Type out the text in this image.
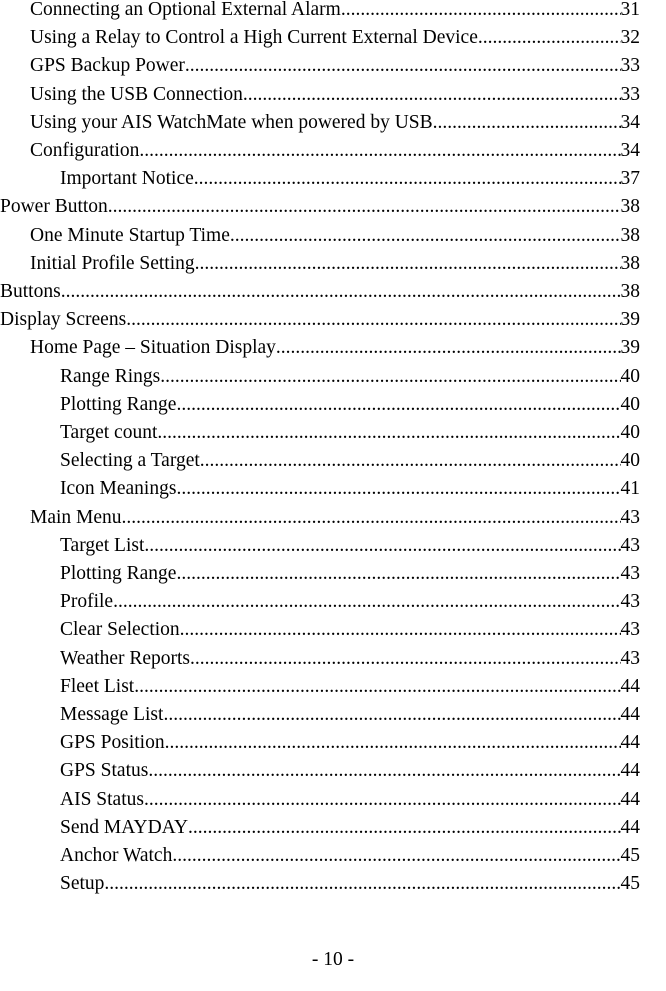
Connecting an Optional External Alarm .....	31
Using a Relay to Control a High Current External Device .....	32
GPS Backup Power .....	33
Using the USB Connection .....	33
Using your AIS WatchMate when powered by USB .....	34
Configuration .....	34
Important Notice .....	37
Power Button .....	38
One Minute Startup Time .....	38
Initial Profile Setting .....	38
Buttons .....	38
Display Screens .....	39
Home Page – Situation Display .....	39
Range Rings .....	40
Plotting Range .....	40
Target count .....	40
Selecting a Target .....	40
Icon Meanings .....	41
Main Menu .....	43
Target List .....	43
Plotting Range .....	43
Profile .....	43
Clear Selection .....	43
Weather Reports .....	43
Fleet List .....	44
Message List .....	44
GPS Position .....	44
GPS Status .....	44
AIS Status .....	44
Send MAYDAY .....	44
Anchor Watch .....	45
Setup .....	45
- 10 -
